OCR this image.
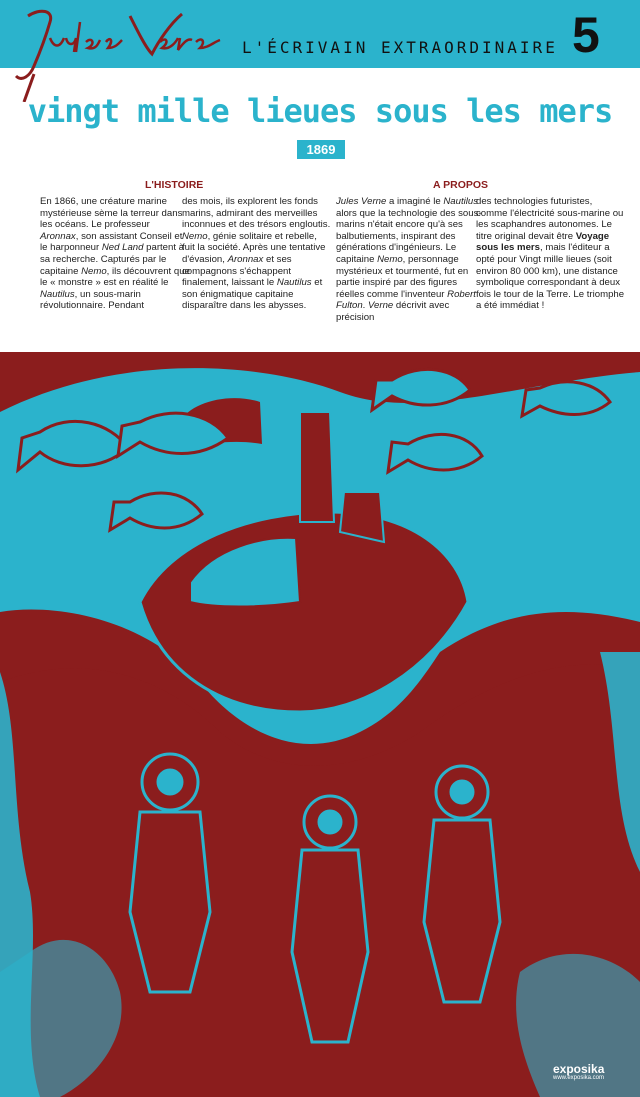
L'ÉCRIVAIN EXTRAORDINAIRE 5
vingt mille lieues sous les mers
1869
L'HISTOIRE	A PROPOS

En 1866, une créature marine mystérieuse sème la terreur dans les océans. Le professeur Aronnax, son assistant Conseil et le harponneur Ned Land partent à sa recherche. Capturés par le capitaine Nemo, ils découvrent que le « monstre » est en réalité le Nautilus, un sous-marin révolutionnaire. Pendant

des mois, ils explorent les fonds marins, admirant des merveilles inconnues et des trésors engloutis. Nemo, génie solitaire et rebelle, fuit la société. Après une tentative d'évasion, Aronnax et ses compagnons s'échappent finalement, laissant le Nautilus et son énigmatique capitaine disparaître dans les abysses.

Jules Verne a imaginé le Nautilus alors que la technologie des sous-marins n'était encore qu'à ses balbutiements, inspirant des générations d'ingénieurs. Le capitaine Nemo, personnage mystérieux et tourmenté, fut en partie inspiré par des figures réelles comme l'inventeur Robert Fulton. Verne décrivit avec précision

des technologies futuristes, comme l'électricité sous-marine ou les scaphandres autonomes. Le titre original devait être Voyage sous les mers, mais l'éditeur a opté pour Vingt mille lieues (soit environ 80 000 km), une distance symbolique correspondant à deux fois le tour de la Terre. Le triomphe a été immédiat !

exposika
www.exposika.com
